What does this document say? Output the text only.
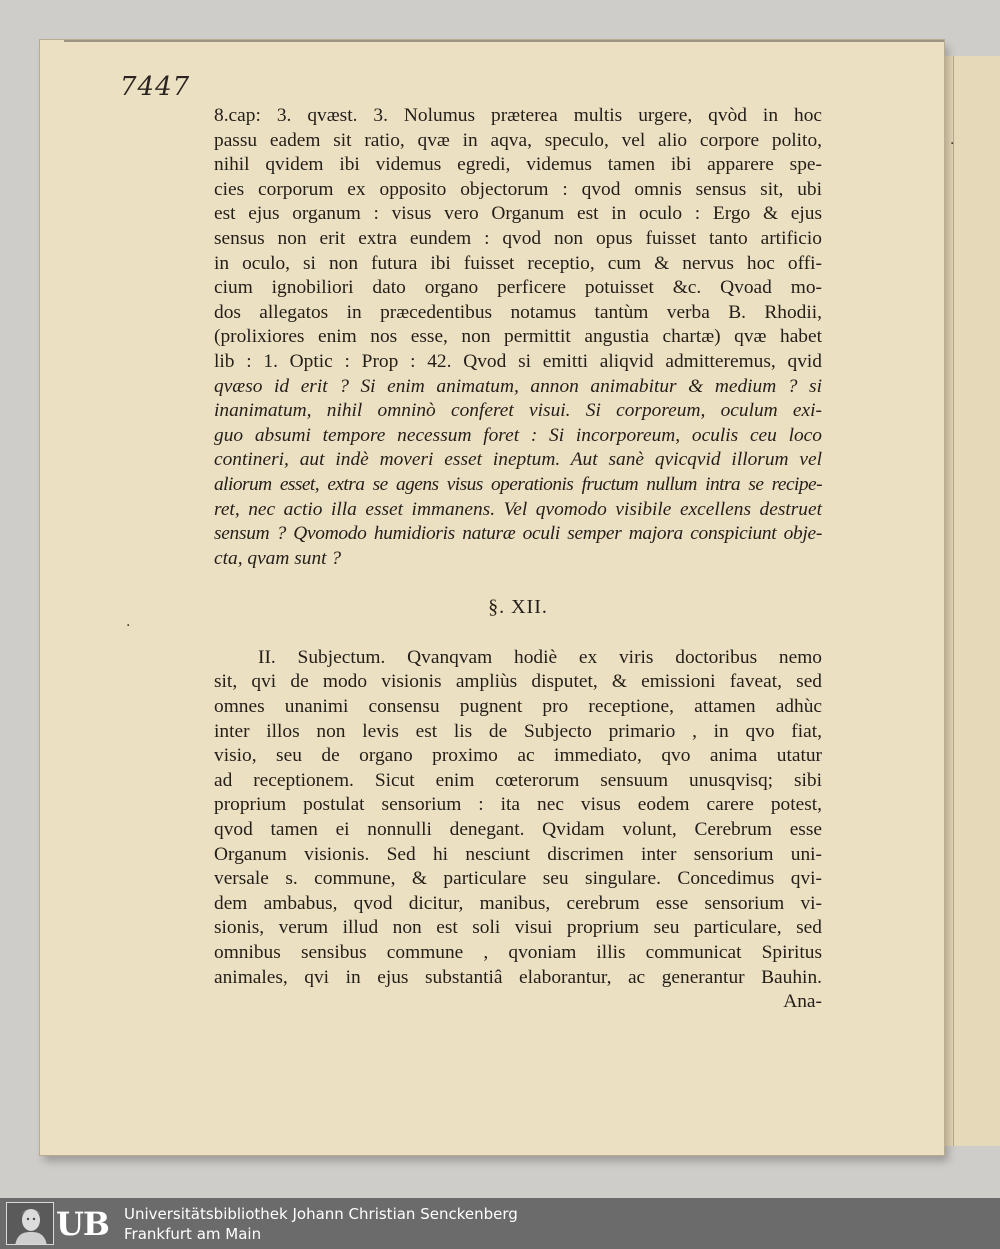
7447
·
·
8.cap: 3. qvæst. 3. Nolumus præterea multis urgere, qvòd in hoc
passu eadem sit ratio, qvæ in aqva, speculo, vel alio corpore polito,
nihil qvidem ibi videmus egredi, videmus tamen ibi apparere spe-
cies corporum ex opposito objectorum : qvod omnis sensus sit, ubi
est ejus organum : visus vero Organum est in oculo : Ergo & ejus
sensus non erit extra eundem : qvod non opus fuisset tanto artificio
in oculo, si non futura ibi fuisset receptio, cum & nervus hoc offi-
cium ignobiliori dato organo perficere potuisset &c. Qvoad mo-
dos allegatos in præcedentibus notamus tantùm verba B. Rhodii,
(prolixiores enim nos esse, non permittit angustia chartæ) qvæ habet
lib : 1. Optic : Prop : 42. Qvod si emitti aliqvid admitteremus, qvid
qvæso id erit ? Si enim animatum, annon animabitur & medium ? si
inanimatum, nihil omninò conferet visui. Si corporeum, oculum exi-
guo absumi tempore necessum foret : Si incorporeum, oculis ceu loco
contineri, aut indè moveri esset ineptum. Aut sanè qvicqvid illorum vel
aliorum esset, extra se agens visus operationis fructum nullum intra se recipe-
ret, nec actio illa esset immanens. Vel qvomodo visibile excellens destruet
sensum ? Qvomodo humidioris naturæ oculi semper majora conspiciunt obje-
cta, qvam sunt ?
§. XII.
II. Subjectum. Qvanqvam hodiè ex viris doctoribus nemo
sit, qvi de modo visionis ampliùs disputet, & emissioni faveat, sed
omnes unanimi consensu pugnent pro receptione, attamen adhùc
inter illos non levis est lis de Subjecto primario , in qvo fiat,
visio, seu de organo proximo ac immediato, qvo anima utatur
ad receptionem. Sicut enim cœterorum sensuum unusqvisq; sibi
proprium postulat sensorium : ita nec visus eodem carere potest,
qvod tamen ei nonnulli denegant. Qvidam volunt, Cerebrum esse
Organum visionis. Sed hi nesciunt discrimen inter sensorium uni-
versale s. commune, & particulare seu singulare. Concedimus qvi-
dem ambabus, qvod dicitur, manibus, cerebrum esse sensorium vi-
sionis, verum illud non est soli visui proprium seu particulare, sed
omnibus sensibus commune , qvoniam illis communicat Spiritus
animales, qvi in ejus substantiâ elaborantur, ac generantur Bauhin.
Ana-
UB	Universitätsbibliothek Johann Christian Senckenberg
Frankfurt am Main
